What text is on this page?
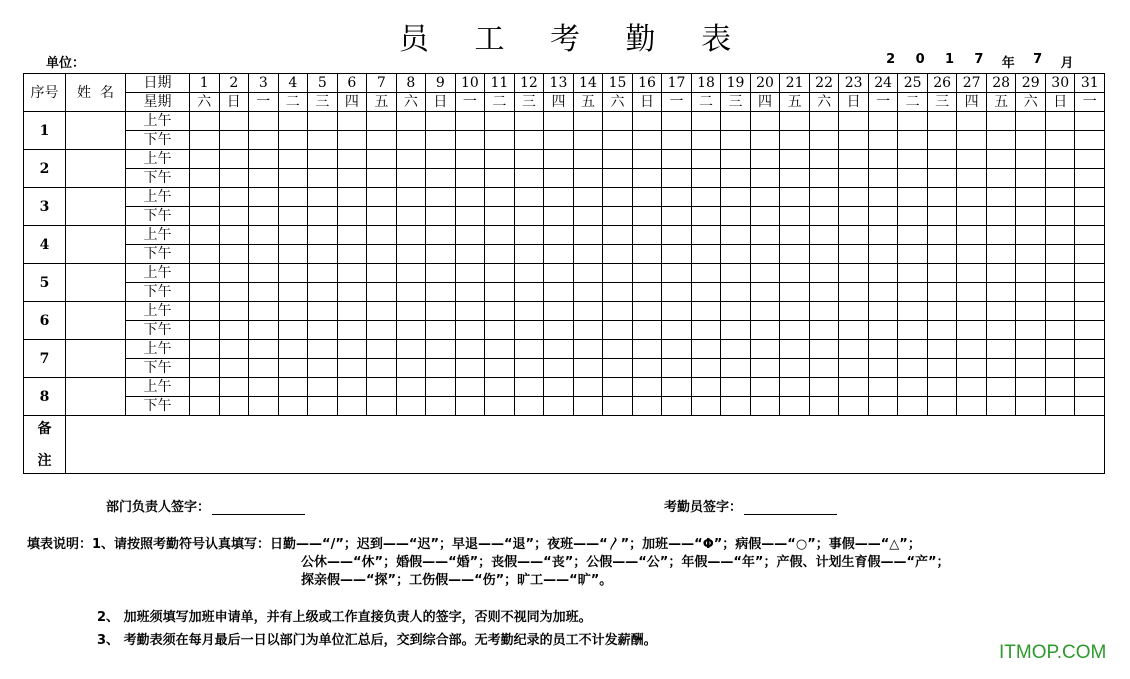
员 工 考 勤 表
单位：	2	0	1	7	年	7	月
序号	姓  名	日期	1	2	3	4	5	6	7	8	9	10	11	12	13	14	15	16	17	18	19	20	21	22	23	24	25	26	27	28	29	30	31
		星期	六	日	一	二	三	四	五	六	日	一	二	三	四	五	六	日	一	二	三	四	五	六	日	一	二	三	四	五	六	日	一
1		上午																															
		下午																															
2		上午																															
		下午																															
3		上午																															
		下午																															
4		上午																															
		下午																															
5		上午																															
		下午																															
6		上午																															
		下午																															
7		上午																															
		下午																															
8		上午																															
		下午																															

备
注																																	

部门负责人签字：	考勤员签字：
填表说明：1、请按照考勤符号认真填写：日勤——“/”；迟到——“迟”；早退——“退”；夜班——“〳”；加班——“Φ”；病假——“○”；事假——“△”；
公休——“休”；婚假——“婚”；丧假——“丧”；公假——“公”；年假——“年”；产假、计划生育假——“产”；
探亲假——“探”；工伤假——“伤”；旷工——“旷”。
2、 加班须填写加班申请单，并有上级或工作直接负责人的签字，否则不视同为加班。
3、 考勤表须在每月最后一日以部门为单位汇总后，交到综合部。无考勤纪录的员工不计发薪酬。
ITMOP.COM
